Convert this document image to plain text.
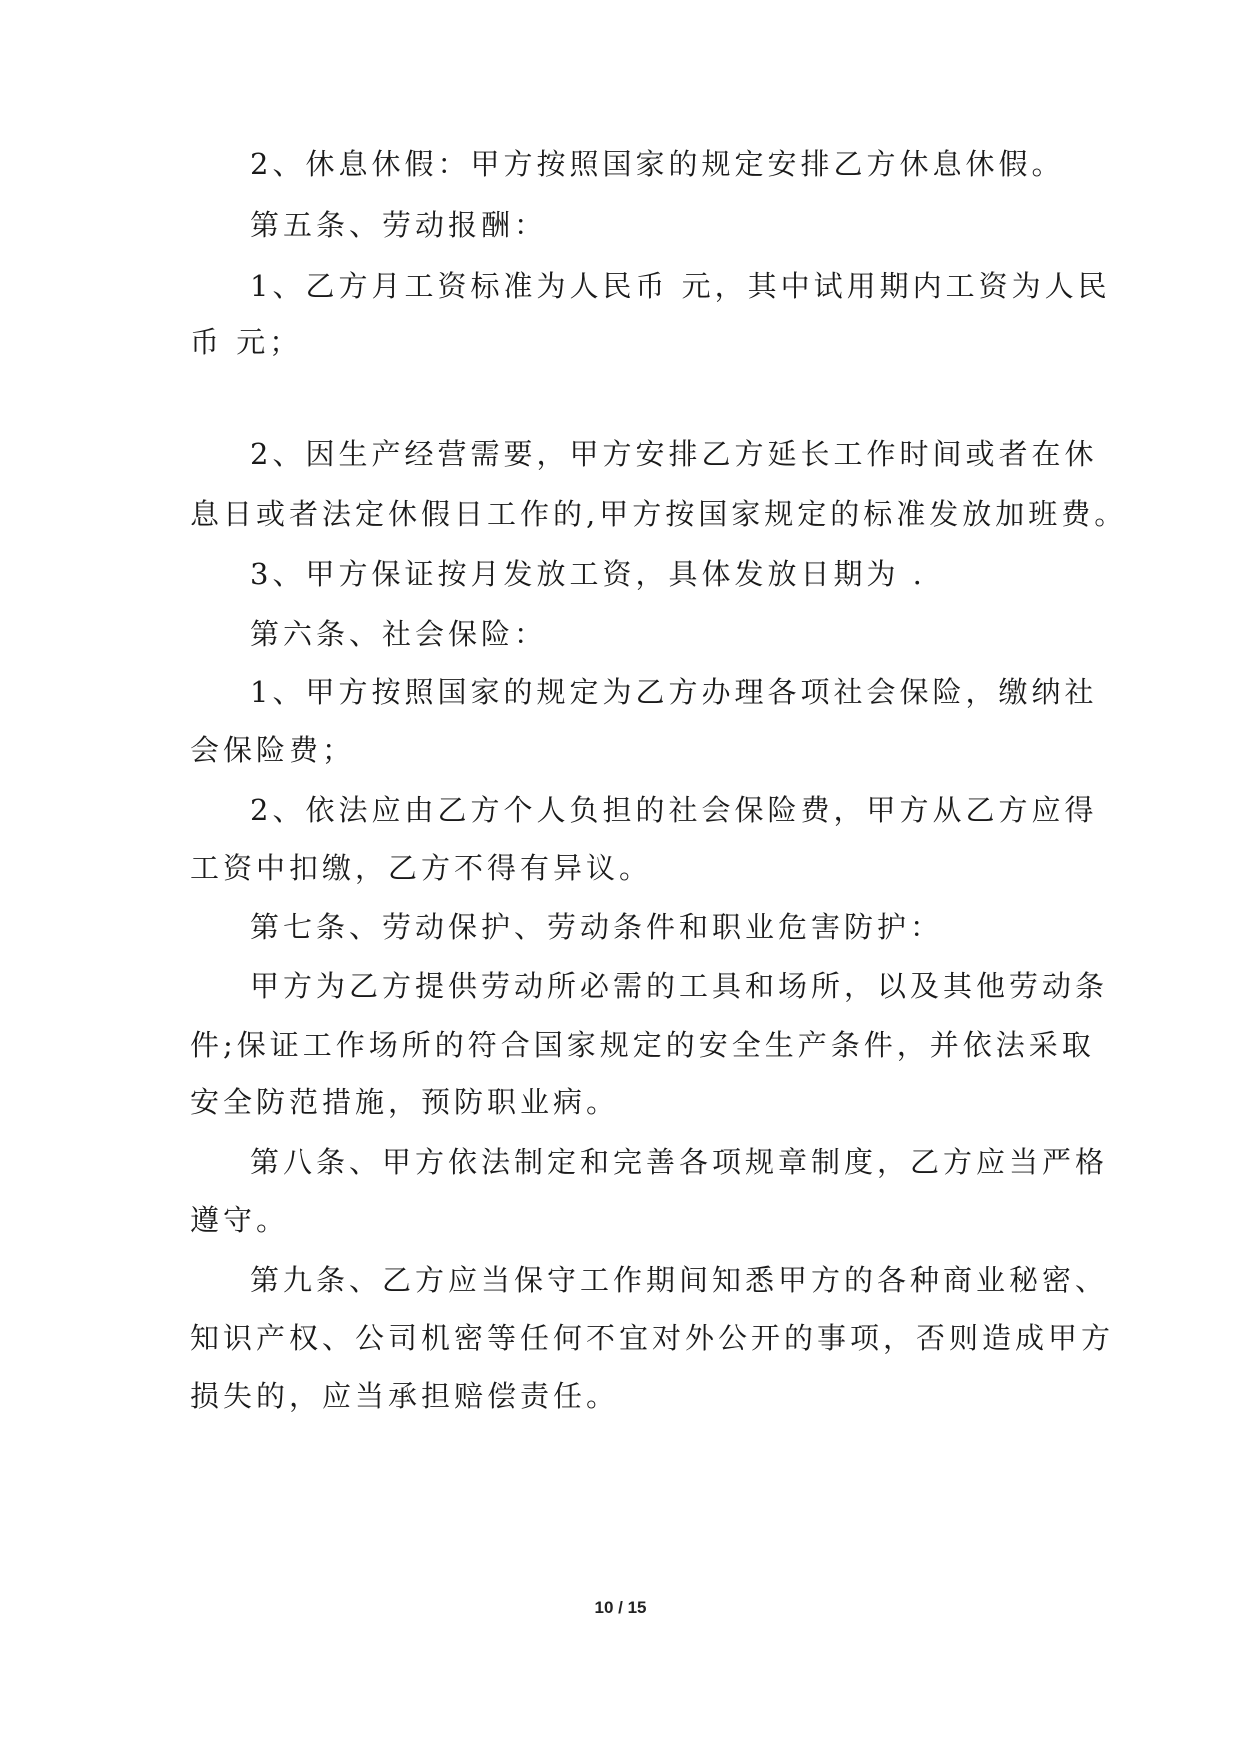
2、休息休假：甲方按照国家的规定安排乙方休息休假。
第五条、劳动报酬：
1、乙方月工资标准为人民币 元，其中试用期内工资为人民
币 元；
2、因生产经营需要，甲方安排乙方延长工作时间或者在休
息日或者法定休假日工作的,甲方按国家规定的标准发放加班费。
3、甲方保证按月发放工资，具体发放日期为 .
第六条、社会保险：
1、甲方按照国家的规定为乙方办理各项社会保险，缴纳社
会保险费；
2、依法应由乙方个人负担的社会保险费，甲方从乙方应得
工资中扣缴，乙方不得有异议。
第七条、劳动保护、劳动条件和职业危害防护：
甲方为乙方提供劳动所必需的工具和场所，以及其他劳动条
件;保证工作场所的符合国家规定的安全生产条件，并依法采取
安全防范措施，预防职业病。
第八条、甲方依法制定和完善各项规章制度，乙方应当严格
遵守。
第九条、乙方应当保守工作期间知悉甲方的各种商业秘密、
知识产权、公司机密等任何不宜对外公开的事项，否则造成甲方
损失的，应当承担赔偿责任。
10 / 15
